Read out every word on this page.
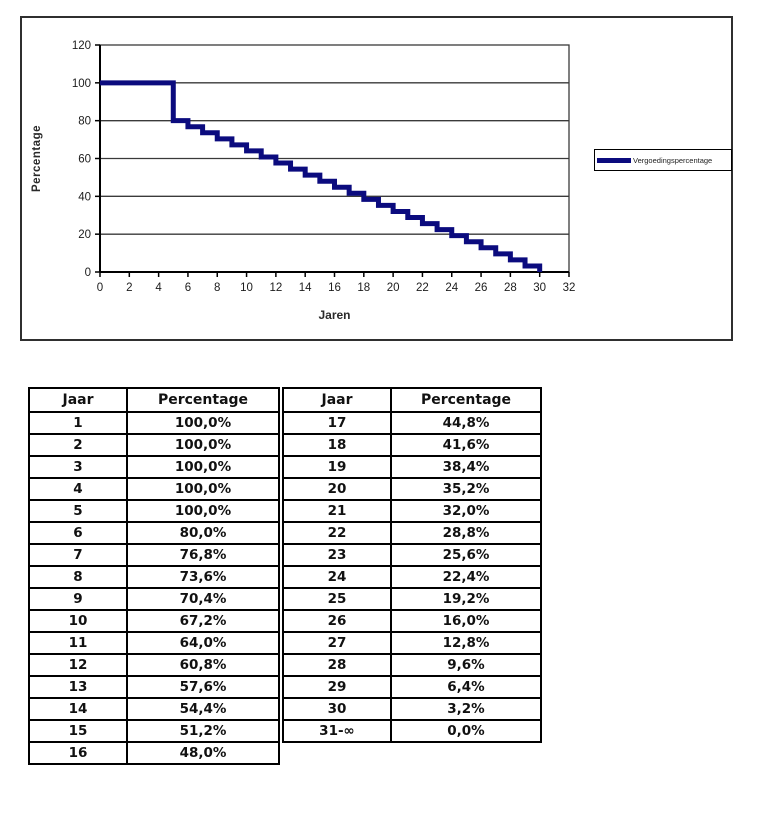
0
20
40
60
80
100
120
0 2 4 6 8 10 12 14 16 18 20 22 24 26 28 30 32
Percentage
Jaren
Vergoedingspercentage
Jaar	Percentage
1	100,0%
2	100,0%
3	100,0%
4	100,0%
5	100,0%
6	80,0%
7	76,8%
8	73,6%
9	70,4%
10	67,2%
11	64,0%
12	60,8%
13	57,6%
14	54,4%
15	51,2%
16	48,0%
Jaar	Percentage
17	44,8%
18	41,6%
19	38,4%
20	35,2%
21	32,0%
22	28,8%
23	25,6%
24	22,4%
25	19,2%
26	16,0%
27	12,8%
28	9,6%
29	6,4%
30	3,2%
31-∞	0,0%
